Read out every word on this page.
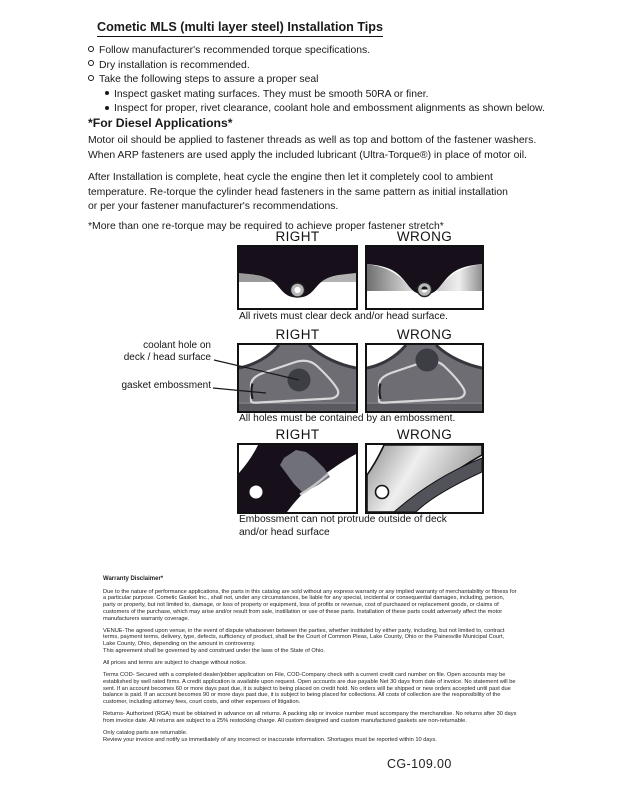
Cometic MLS (multi layer steel) Installation Tips
Follow manufacturer's recommended torque specifications.
Dry installation is recommended.
Take the following steps to assure a proper seal
Inspect gasket mating surfaces. They must be smooth 50RA or finer.
Inspect for proper, rivet clearance, coolant hole and embossment alignments as shown below.
*For Diesel Applications*
Motor oil should be applied to fastener threads as well as top and bottom of the fastener washers.
When ARP fasteners are used apply the included lubricant (Ultra-Torque®) in place of motor oil.
After Installation is complete, heat cycle the engine then let it completely cool to ambient
temperature. Re-torque the cylinder head fasteners in the same pattern as initial installation
or per your fastener manufacturer's recommendations.
*More than one re-torque may be required to achieve proper fastener stretch*
RIGHT	WRONG
All rivets must clear deck and/or head surface.
RIGHT	WRONG
coolant hole on
deck / head surface
gasket embossment
All holes must be contained by an embossment.
RIGHT	WRONG
Embossment can not protrude outside of deck
and/or head surface
Warranty Disclaimer*
Due to the nature of performance applications, the parts in this catalog are sold without any express warranty or any implied warranty of merchantability or fitness for a particular purpose. Cometic Gasket Inc., shall not, under any circumstances, be liable for any special, incidental or consequential damages, including, person, party or property, but not limited to, damage, or loss of property or equipment, loss of profits or revenue, cost of purchased or replacement goods, or claims of customers of the purchase, which may arise and/or result from sale, instillation or use of these parts. Installation of these parts could adversely affect the motor manufacturers warranty coverage.
VENUE-The agreed upon venue, in the event of dispute whatsoever between the parties, whether instituted by either party, including, but not limited to, contract terms, payment terms, delivery, type, defects, sufficiency of product, shall be the Court of Common Pleas, Lake County, Ohio or the Painesville Municipal Court, Lake County, Ohio, depending on the amount in controversy.
This agreement shall be governed by and construed under the laws of the State of Ohio.
All prices and terms are subject to change without notice.
Terms COD- Secured with a completed dealer/jobber application on File, COD-Company check with a current credit card number on file. Open accounts may be established by well rated firms. A credit application is available upon request. Open accounts are due payable Net 30 days from date of invoice. No statement will be sent. If an account becomes 60 or more days past due, it is subject to being placed on credit hold. No orders will be shipped or new orders accepted until past due balance is paid. If an account becomes 90 or more days past due, it is subject to being placed for collections. All costs of collection are the responsibility of the customer, including attorney fees, court costs, and other expenses of litigation.
Returns- Authorized (RGA) must be obtained in advance on all returns. A packing slip or invoice number must accompany the merchandise. No returns after 30 days from invoice date. All returns are subject to a 25% restocking charge. All custom designed and custom manufactured gaskets are non-returnable.
Only catalog parts are returnable.
Review your invoice and notify us immediately of any incorrect or inaccurate information. Shortages must be reported within 10 days.
CG-109.00
